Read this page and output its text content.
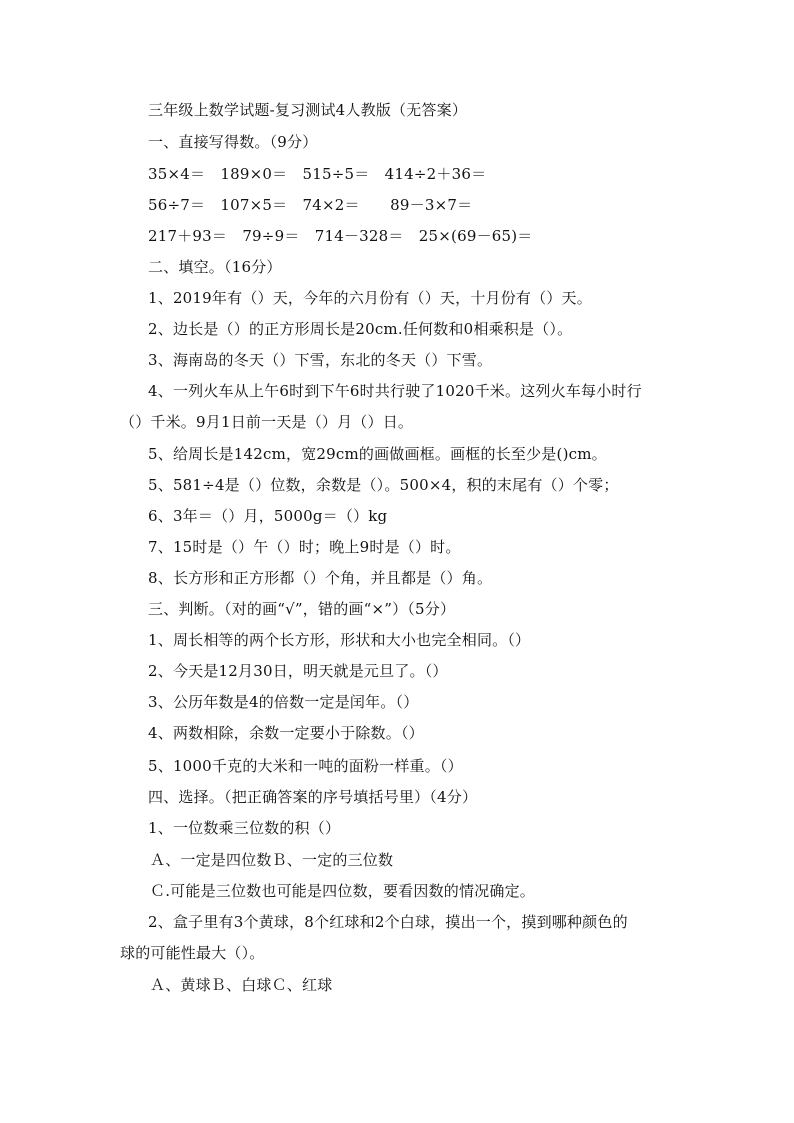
三年级上数学试题-复习测试4人教版（无答案）
一、直接写得数。（9分）
35×4＝　189×0＝　515÷5＝　414÷2＋36＝
56÷7＝　107×5＝　74×2＝　　89－3×7＝
217＋93＝　79÷9＝　714－328＝　25×(69－65)＝
二、填空。（16分）
1、2019年有（）天，今年的六月份有（）天，十月份有（）天。
2、边长是（）的正方形周长是20cm.任何数和0相乘积是（）。
3、海南岛的冬天（）下雪，东北的冬天（）下雪。
4、一列火车从上午6时到下午6时共行驶了1020千米。这列火车每小时行
（）千米。9月1日前一天是（）月（）日。
5、给周长是142cm，宽29cm的画做画框。画框的长至少是()cm。
5、581÷4是（）位数，余数是（）。500×4，积的末尾有（）个零；
6、3年＝（）月，5000g＝（）kg
7、15时是（）午（）时；晚上9时是（）时。
8、长方形和正方形都（）个角，并且都是（）角。
三、判断。（对的画“√”，错的画“×”）（5分）
1、周长相等的两个长方形，形状和大小也完全相同。（）
2、今天是12月30日，明天就是元旦了。（）
3、公历年数是4的倍数一定是闰年。（）
4、两数相除，余数一定要小于除数。（）
5、1000千克的大米和一吨的面粉一样重。（）
四、选择。（把正确答案的序号填括号里）（4分）
1、一位数乘三位数的积（）
Ａ、一定是四位数Ｂ、一定的三位数
Ｃ.可能是三位数也可能是四位数，要看因数的情况确定。
2、盒子里有3个黄球，8个红球和2个白球，摸出一个，摸到哪种颜色的
球的可能性最大（）。
Ａ、黄球Ｂ、白球Ｃ、红球
